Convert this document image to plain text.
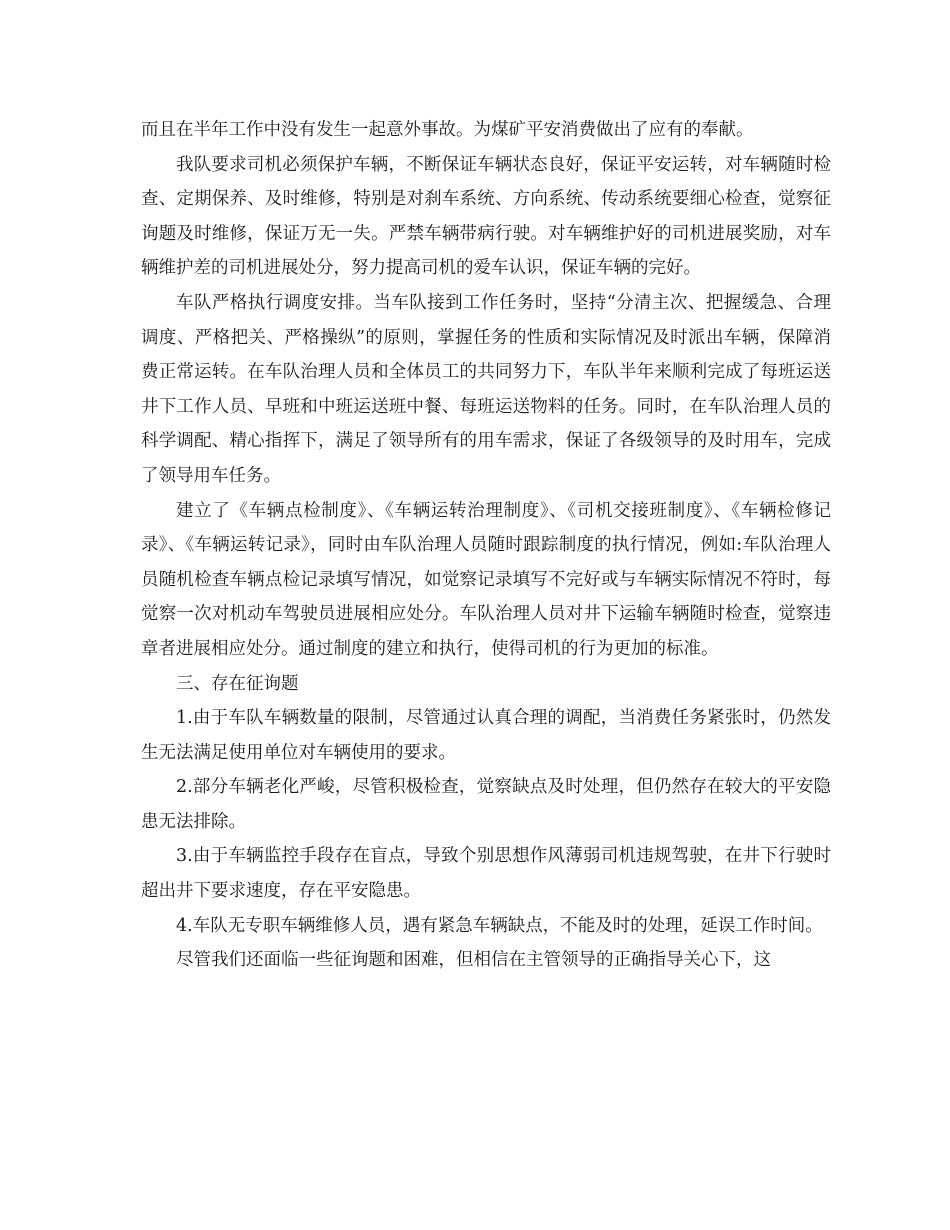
而且在半年工作中没有发生一起意外事故。为煤矿平安消费做出了应有的奉献。

我队要求司机必须保护车辆，不断保证车辆状态良好，保证平安运转，对车辆随时检查、定期保养、及时维修，特别是对刹车系统、方向系统、传动系统要细心检查，觉察征询题及时维修，保证万无一失。严禁车辆带病行驶。对车辆维护好的司机进展奖励，对车辆维护差的司机进展处分，努力提高司机的爱车认识，保证车辆的完好。

车队严格执行调度安排。当车队接到工作任务时，坚持“分清主次、把握缓急、合理调度、严格把关、严格操纵”的原则，掌握任务的性质和实际情况及时派出车辆，保障消费正常运转。在车队治理人员和全体员工的共同努力下，车队半年来顺利完成了每班运送井下工作人员、早班和中班运送班中餐、每班运送物料的任务。同时，在车队治理人员的科学调配、精心指挥下，满足了领导所有的用车需求，保证了各级领导的及时用车，完成了领导用车任务。

建立了《车辆点检制度》、《车辆运转治理制度》、《司机交接班制度》、《车辆检修记录》、《车辆运转记录》，同时由车队治理人员随时跟踪制度的执行情况，例如:车队治理人员随机检查车辆点检记录填写情况，如觉察记录填写不完好或与车辆实际情况不符时，每觉察一次对机动车驾驶员进展相应处分。车队治理人员对井下运输车辆随时检查，觉察违章者进展相应处分。通过制度的建立和执行，使得司机的行为更加的标准。

三、存在征询题

1.由于车队车辆数量的限制，尽管通过认真合理的调配，当消费任务紧张时，仍然发生无法满足使用单位对车辆使用的要求。

2.部分车辆老化严峻，尽管积极检查，觉察缺点及时处理，但仍然存在较大的平安隐患无法排除。

3.由于车辆监控手段存在盲点，导致个别思想作风薄弱司机违规驾驶，在井下行驶时超出井下要求速度，存在平安隐患。

4.车队无专职车辆维修人员，遇有紧急车辆缺点，不能及时的处理，延误工作时间。

尽管我们还面临一些征询题和困难，但相信在主管领导的正确指导关心下，这
